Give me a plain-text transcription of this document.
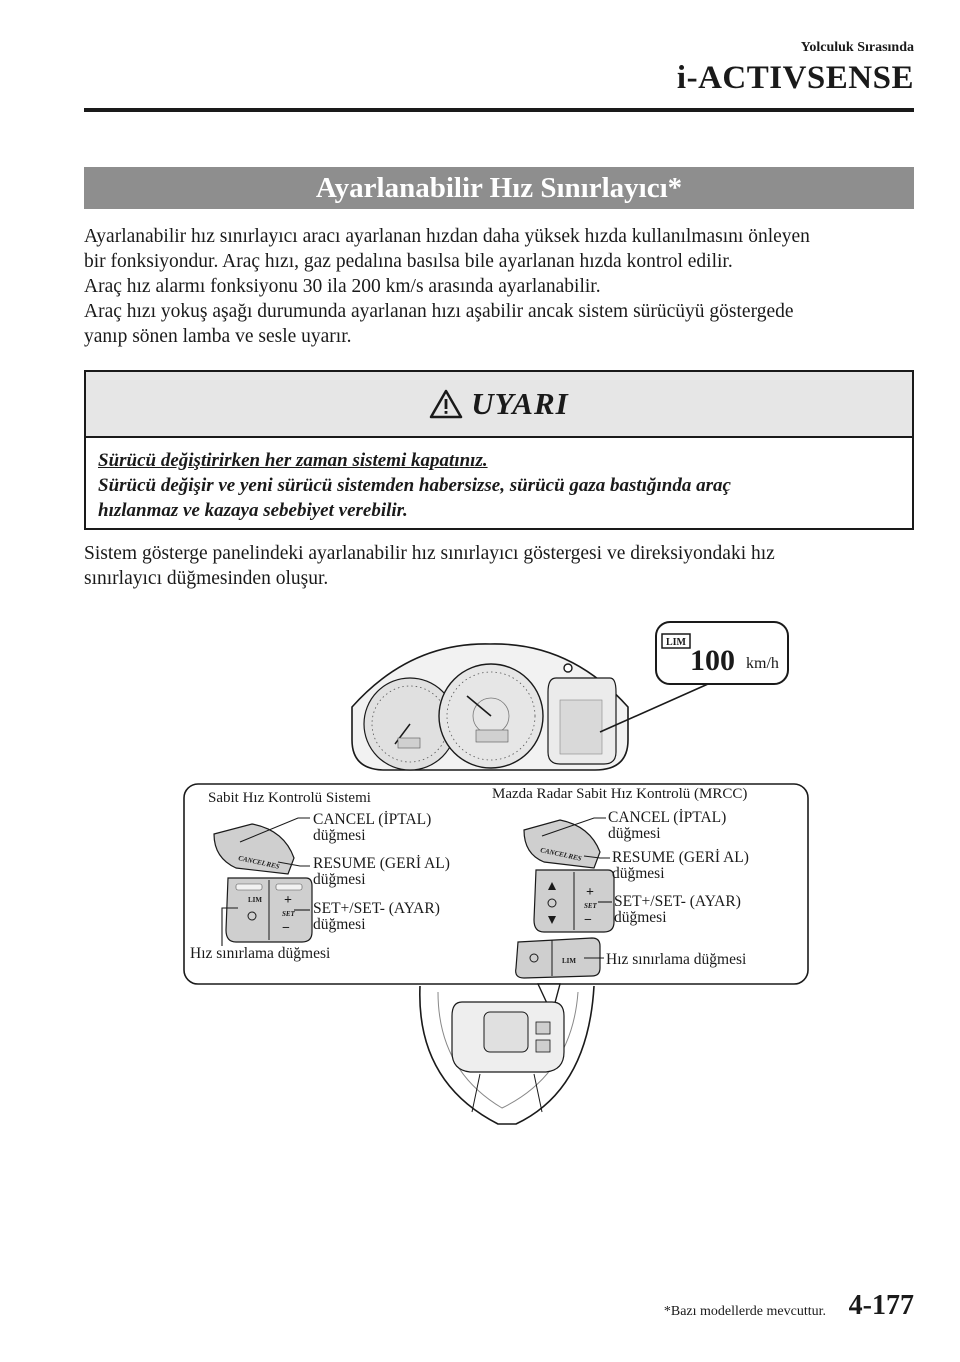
Yolculuk Sırasında
i-ACTIVSENSE
Ayarlanabilir Hız Sınırlayıcı*

Ayarlanabilir hız sınırlayıcı aracı ayarlanan hızdan daha yüksek hızda kullanılmasını önleyen

bir fonksiyondur. Araç hızı, gaz pedalına basılsa bile ayarlanan hızda kontrol edilir.

Araç hız alarmı fonksiyonu 30 ila 200 km/s arasında ayarlanabilir.

Araç hızı yokuş aşağı durumunda ayarlanan hızı aşabilir ancak sistem sürücüyü göstergede

yanıp sönen lamba ve sesle uyarır.

UYARI

Sürücü değiştirirken her zaman sistemi kapatınız.

Sürücü değişir ve yeni sürücü sistemden habersizse, sürücü gaza bastığında araç

hızlanmaz ve kazaya sebebiyet verebilir.

Sistem gösterge panelindeki ayarlanabilir hız sınırlayıcı göstergesi ve direksiyondaki hız

sınırlayıcı düğmesinden oluşur.

LIM
100 km/h
Sabit Hız Kontrolü Sistemi
CANCEL
RES
LIM +
SET
−
CANCEL (İPTAL)
düğmesi
RESUME (GERİ AL)
düğmesi
SET+/SET- (AYAR)
düğmesi
Hız sınırlama düğmesi
Mazda Radar Sabit Hız Kontrolü (MRCC)
CANCEL
RES
+
SET
−
CANCEL (İPTAL)
düğmesi
RESUME (GERİ AL)
düğmesi
SET+/SET- (AYAR)
düğmesi
LIM Hız sınırlama düğmesi
*Bazı modellerde mevcuttur. 4-177
